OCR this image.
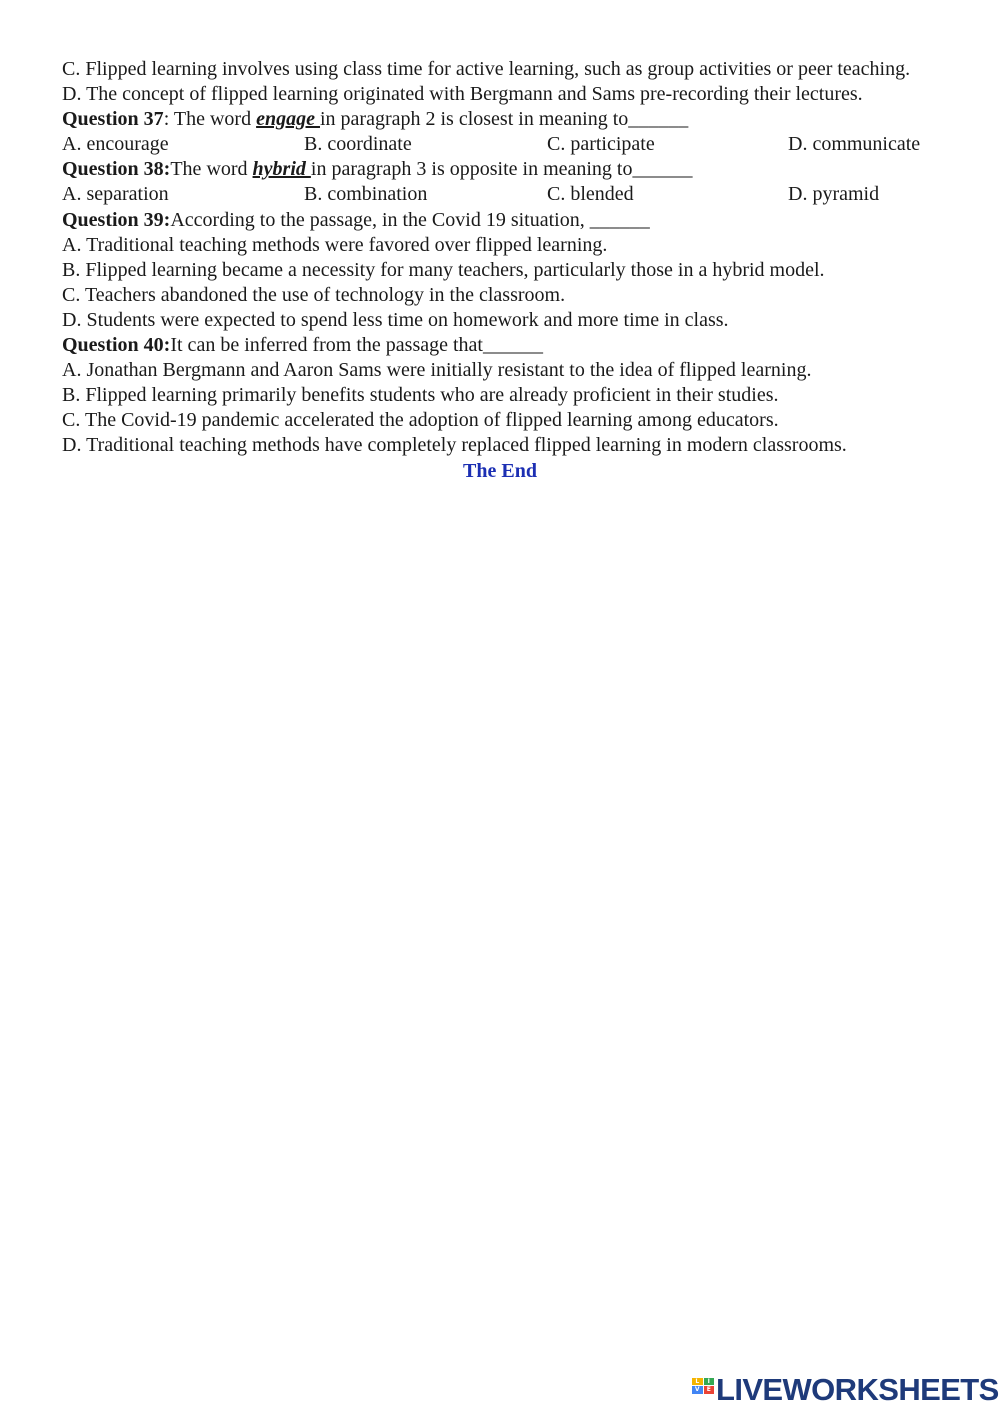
C. Flipped learning involves using class time for active learning, such as group activities or peer teaching.
D. The concept of flipped learning originated with Bergmann and Sams pre-recording their lectures.
Question 37: The word engage in paragraph 2 is closest in meaning to______
A. encourage	B. coordinate	C. participate	D. communicate
Question 38:The word hybrid in paragraph 3 is opposite in meaning to______
A. separation	B. combination	C. blended	D. pyramid
Question 39:According to the passage, in the Covid 19 situation, ______
A. Traditional teaching methods were favored over flipped learning.
B. Flipped learning became a necessity for many teachers, particularly those in a hybrid model.
C. Teachers abandoned the use of technology in the classroom.
D. Students were expected to spend less time on homework and more time in class.
Question 40:It can be inferred from the passage that______
A. Jonathan Bergmann and Aaron Sams were initially resistant to the idea of flipped learning.
B. Flipped learning primarily benefits students who are already proficient in their studies.
C. The Covid-19 pandemic accelerated the adoption of flipped learning among educators.
D. Traditional teaching methods have completely replaced flipped learning in modern classrooms.
The End
L	I
V	E LIVEWORKSHEETS
